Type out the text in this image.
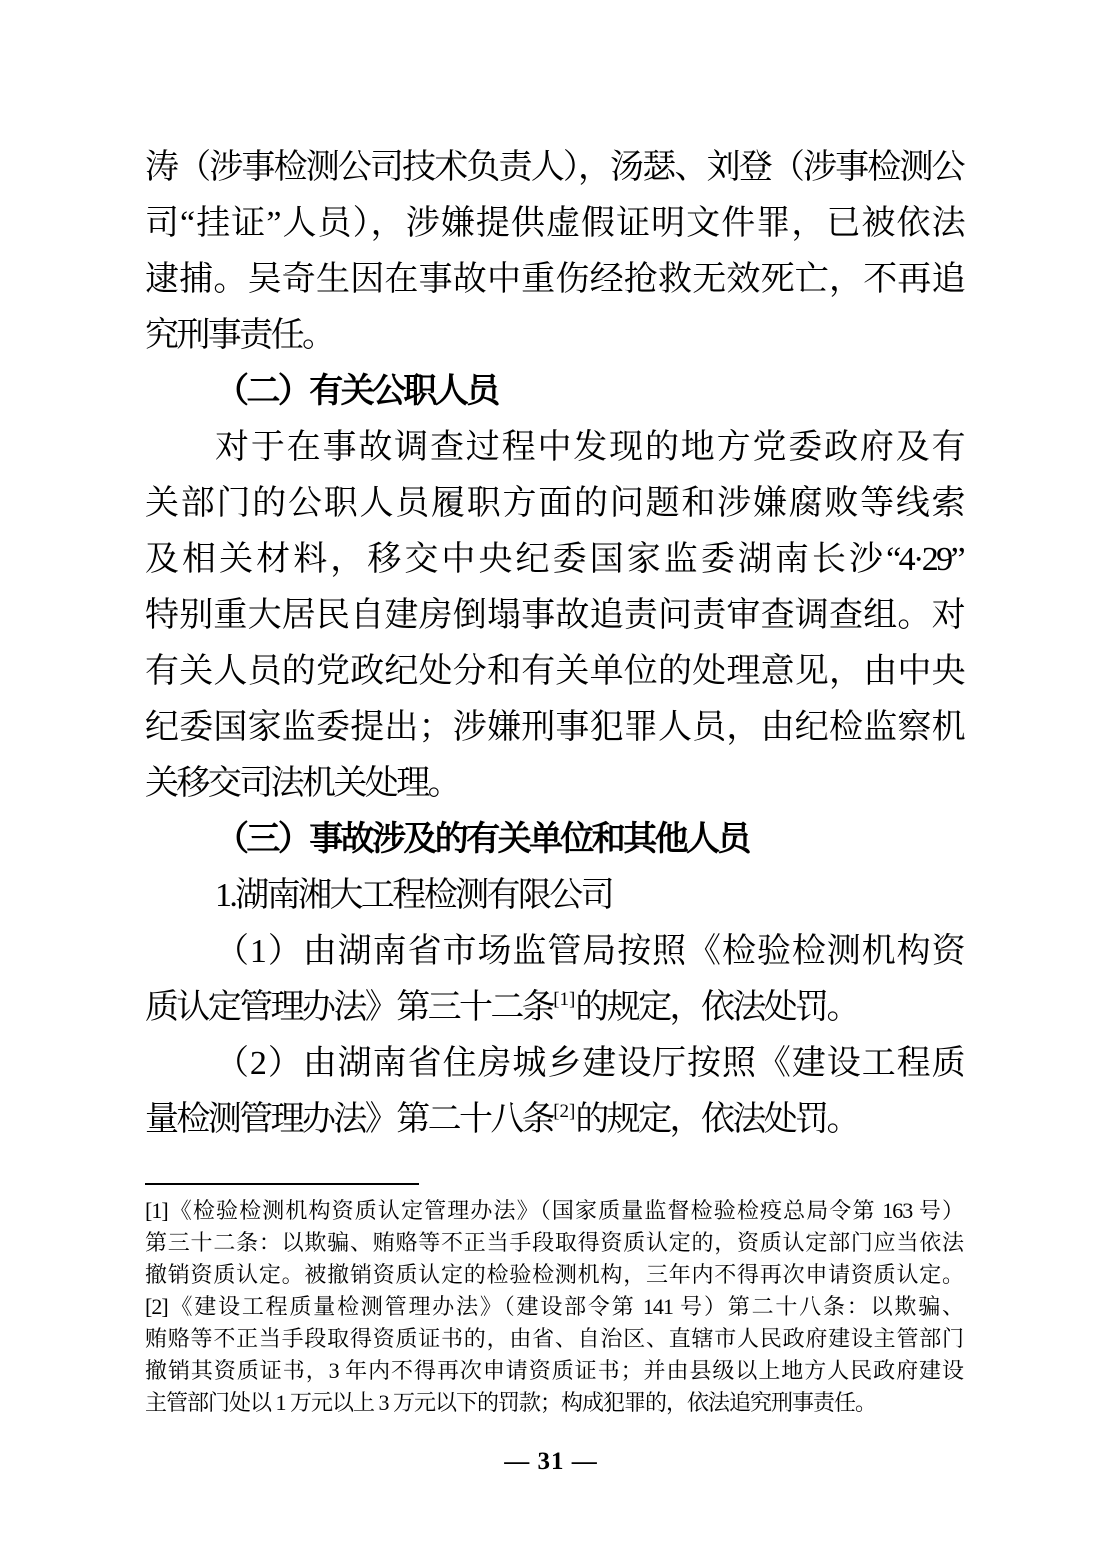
涛（涉事检测公司技术负责人），汤瑟、刘登（涉事检测公
司“挂证”人员），涉嫌提供虚假证明文件罪，已被依法
逮捕。吴奇生因在事故中重伤经抢救无效死亡，不再追
究刑事责任。
（二）有关公职人员
对于在事故调查过程中发现的地方党委政府及有
关部门的公职人员履职方面的问题和涉嫌腐败等线索
及相关材料，移交中央纪委国家监委湖南长沙“4·29”
特别重大居民自建房倒塌事故追责问责审查调查组。对
有关人员的党政纪处分和有关单位的处理意见，由中央
纪委国家监委提出；涉嫌刑事犯罪人员，由纪检监察机
关移交司法机关处理。
（三）事故涉及的有关单位和其他人员
1.湖南湘大工程检测有限公司
（1）由湖南省市场监管局按照《检验检测机构资
质认定管理办法》第三十二条[1]的规定，依法处罚。
（2）由湖南省住房城乡建设厅按照《建设工程质
量检测管理办法》第二十八条[2]的规定，依法处罚。
[1]《检验检测机构资质认定管理办法》（国家质量监督检验检疫总局令第 163 号）
第三十二条：以欺骗、贿赂等不正当手段取得资质认定的，资质认定部门应当依法
撤销资质认定。被撤销资质认定的检验检测机构，三年内不得再次申请资质认定。
[2]《建设工程质量检测管理办法》（建设部令第 141 号）第二十八条：以欺骗、
贿赂等不正当手段取得资质证书的，由省、自治区、直辖市人民政府建设主管部门
撤销其资质证书，3 年内不得再次申请资质证书；并由县级以上地方人民政府建设
主管部门处以 1 万元以上 3 万元以下的罚款；构成犯罪的，依法追究刑事责任。
— 31 —
